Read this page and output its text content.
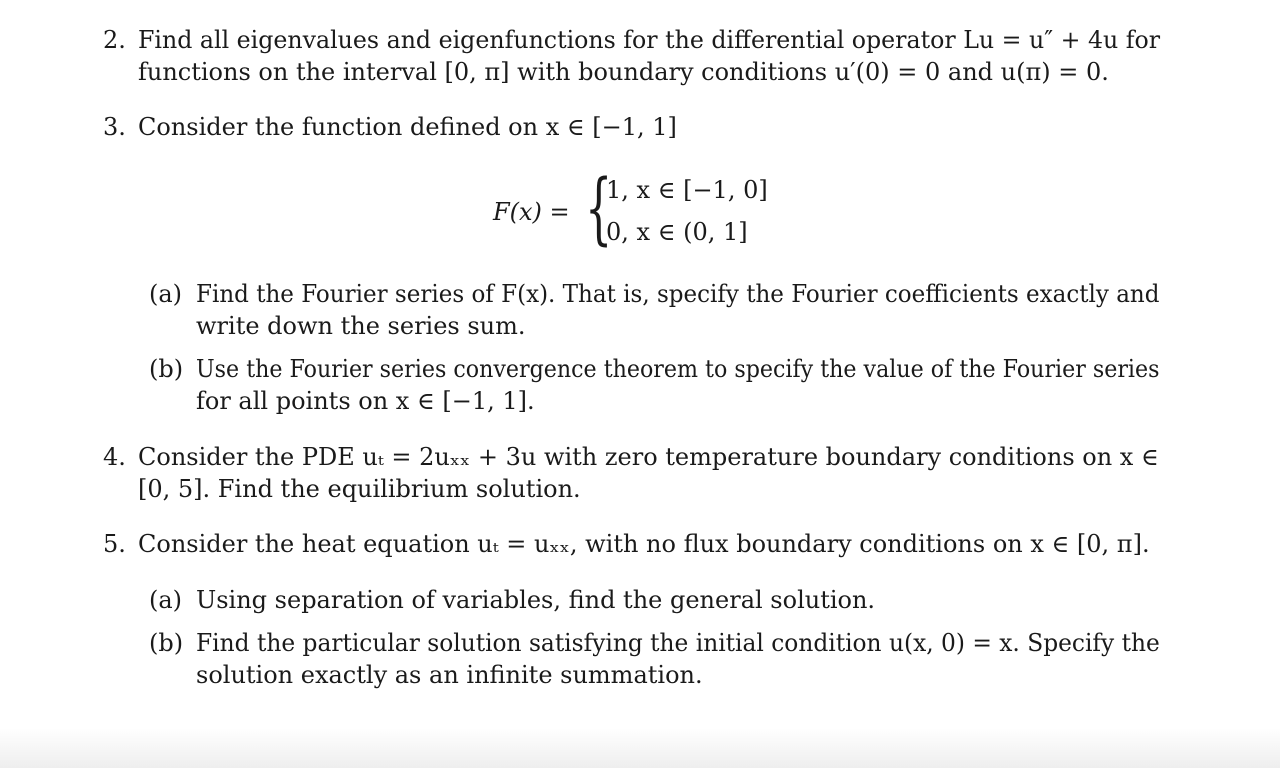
2. Find all eigenvalues and eigenfunctions for the differential operator Lu = u″ + 4u for
functions on the interval [0, π] with boundary conditions u′(0) = 0 and u(π) = 0.
3. Consider the function defined on x ∈ [−1, 1]
F(x) = {
1, x ∈ [−1, 0]
0, x ∈ (0, 1]
(a) Find the Fourier series of F(x). That is, specify the Fourier coefficients exactly and
write down the series sum.
(b) Use the Fourier series convergence theorem to specify the value of the Fourier series
for all points on x ∈ [−1, 1].
4. Consider the PDE uₜ = 2uₓₓ + 3u with zero temperature boundary conditions on x ∈
[0, 5]. Find the equilibrium solution.
5. Consider the heat equation uₜ = uₓₓ, with no flux boundary conditions on x ∈ [0, π].
(a) Using separation of variables, find the general solution.
(b) Find the particular solution satisfying the initial condition u(x, 0) = x. Specify the
solution exactly as an infinite summation.
